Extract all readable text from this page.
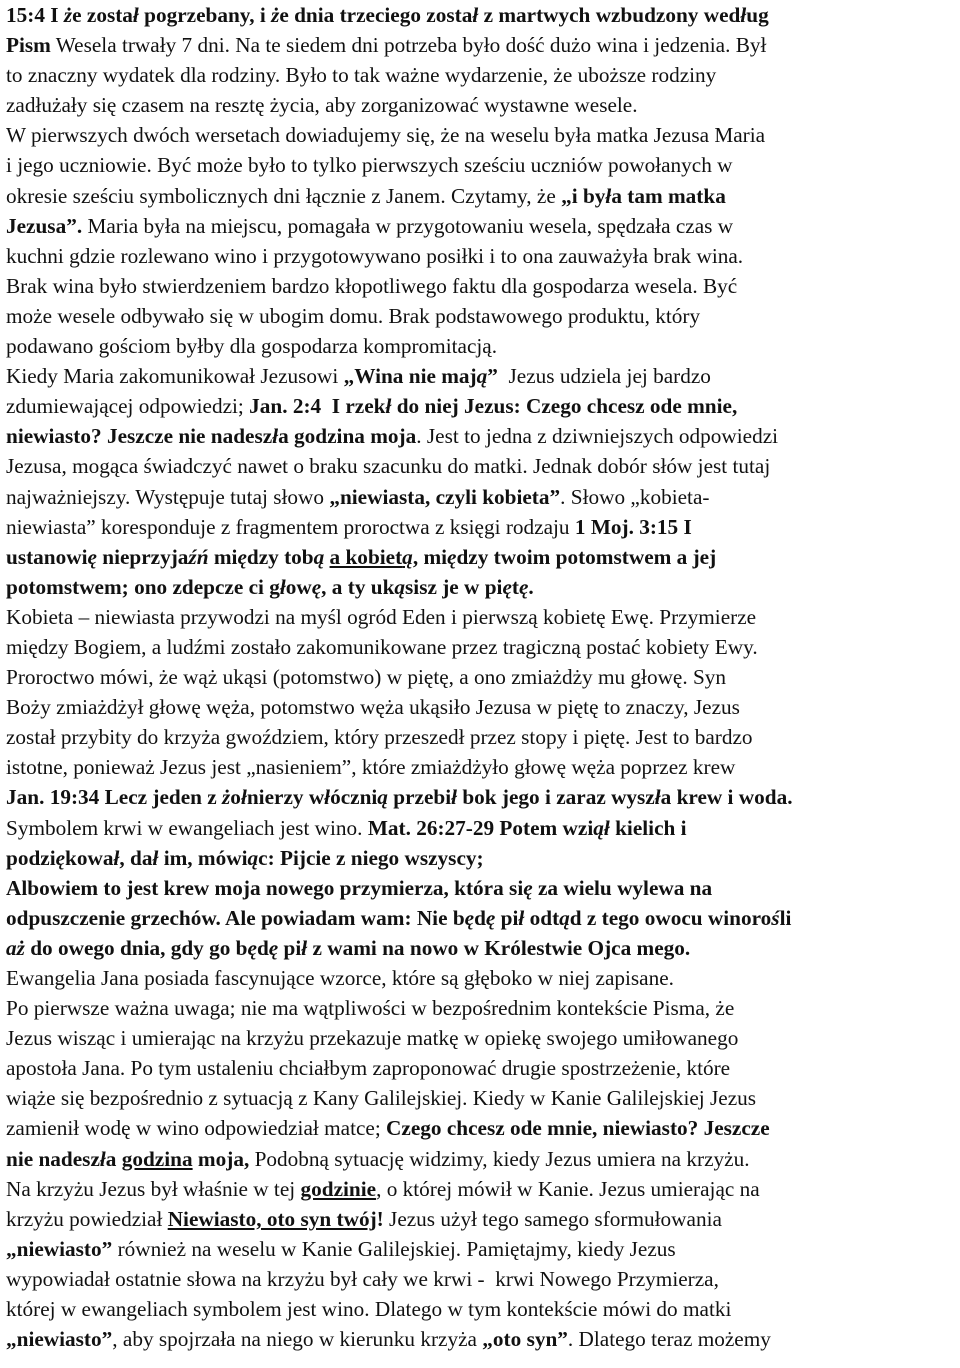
15:4 I że został pogrzebany, i że dnia trzeciego został z martwych wzbudzony według
Pism Wesela trwały 7 dni. Na te siedem dni potrzeba było dość dużo wina i jedzenia. Był
to znaczny wydatek dla rodziny. Było to tak ważne wydarzenie, że uboższe rodziny
zadłużały się czasem na resztę życia, aby zorganizować wystawne wesele.
W pierwszych dwóch wersetach dowiadujemy się, że na weselu była matka Jezusa Maria
i jego uczniowie. Być może było to tylko pierwszych sześciu uczniów powołanych w
okresie sześciu symbolicznych dni łącznie z Janem. Czytamy, że „i była tam matka
Jezusa”. Maria była na miejscu, pomagała w przygotowaniu wesela, spędzała czas w
kuchni gdzie rozlewano wino i przygotowywano posiłki i to ona zauważyła brak wina.
Brak wina było stwierdzeniem bardzo kłopotliwego faktu dla gospodarza wesela. Być
może wesele odbywało się w ubogim domu. Brak podstawowego produktu, który
podawano gościom byłby dla gospodarza kompromitacją.
Kiedy Maria zakomunikował Jezusowi „Wina nie mają”  Jezus udziela jej bardzo
zdumiewającej odpowiedzi; Jan. 2:4  I rzekł do niej Jezus: Czego chcesz ode mnie,
niewiasto? Jeszcze nie nadeszła godzina moja. Jest to jedna z dziwniejszych odpowiedzi
Jezusa, mogąca świadczyć nawet o braku szacunku do matki. Jednak dobór słów jest tutaj
najważniejszy. Występuje tutaj słowo „niewiasta, czyli kobieta”. Słowo „kobieta-
niewiasta” koresponduje z fragmentem proroctwa z księgi rodzaju 1 Moj. 3:15 I
ustanowię nieprzyjaźń między tobą a kobietą, między twoim potomstwem a jej
potomstwem; ono zdepcze ci głowę, a ty ukąsisz je w piętę.
Kobieta – niewiasta przywodzi na myśl ogród Eden i pierwszą kobietę Ewę. Przymierze
między Bogiem, a ludźmi zostało zakomunikowane przez tragiczną postać kobiety Ewy.
Proroctwo mówi, że wąż ukąsi (potomstwo) w piętę, a ono zmiażdży mu głowę. Syn
Boży zmiażdżył głowę węża, potomstwo węża ukąsiło Jezusa w piętę to znaczy, Jezus
został przybity do krzyża gwoździem, który przeszedł przez stopy i piętę. Jest to bardzo
istotne, ponieważ Jezus jest „nasieniem”, które zmiażdżyło głowę węża poprzez krew
Jan. 19:34 Lecz jeden z żołnierzy włócznią przebił bok jego i zaraz wyszła krew i woda.
Symbolem krwi w ewangeliach jest wino. Mat. 26:27-29 Potem wziął kielich i
podziękował, dał im, mówiąc: Pijcie z niego wszyscy;
Albowiem to jest krew moja nowego przymierza, która się za wielu wylewa na
odpuszczenie grzechów. Ale powiadam wam: Nie będę pił odtąd z tego owocu winorośli
aż do owego dnia, gdy go będę pił z wami na nowo w Królestwie Ojca mego.
Ewangelia Jana posiada fascynujące wzorce, które są głęboko w niej zapisane.
Po pierwsze ważna uwaga; nie ma wątpliwości w bezpośrednim kontekście Pisma, że
Jezus wisząc i umierając na krzyżu przekazuje matkę w opiekę swojego umiłowanego
apostoła Jana. Po tym ustaleniu chciałbym zaproponować drugie spostrzeżenie, które
wiąże się bezpośrednio z sytuacją z Kany Galilejskiej. Kiedy w Kanie Galilejskiej Jezus
zamienił wodę w wino odpowiedział matce; Czego chcesz ode mnie, niewiasto? Jeszcze
nie nadeszła godzina moja, Podobną sytuację widzimy, kiedy Jezus umiera na krzyżu.
Na krzyżu Jezus był właśnie w tej godzinie, o której mówił w Kanie. Jezus umierając na
krzyżu powiedział Niewiasto, oto syn twój! Jezus użył tego samego sformułowania
„niewiasto” również na weselu w Kanie Galilejskiej. Pamiętajmy, kiedy Jezus
wypowiadał ostatnie słowa na krzyżu był cały we krwi -  krwi Nowego Przymierza,
której w ewangeliach symbolem jest wino. Dlatego w tym kontekście mówi do matki
„niewiasto”, aby spojrzała na niego w kierunku krzyża „oto syn”. Dlatego teraz możemy
